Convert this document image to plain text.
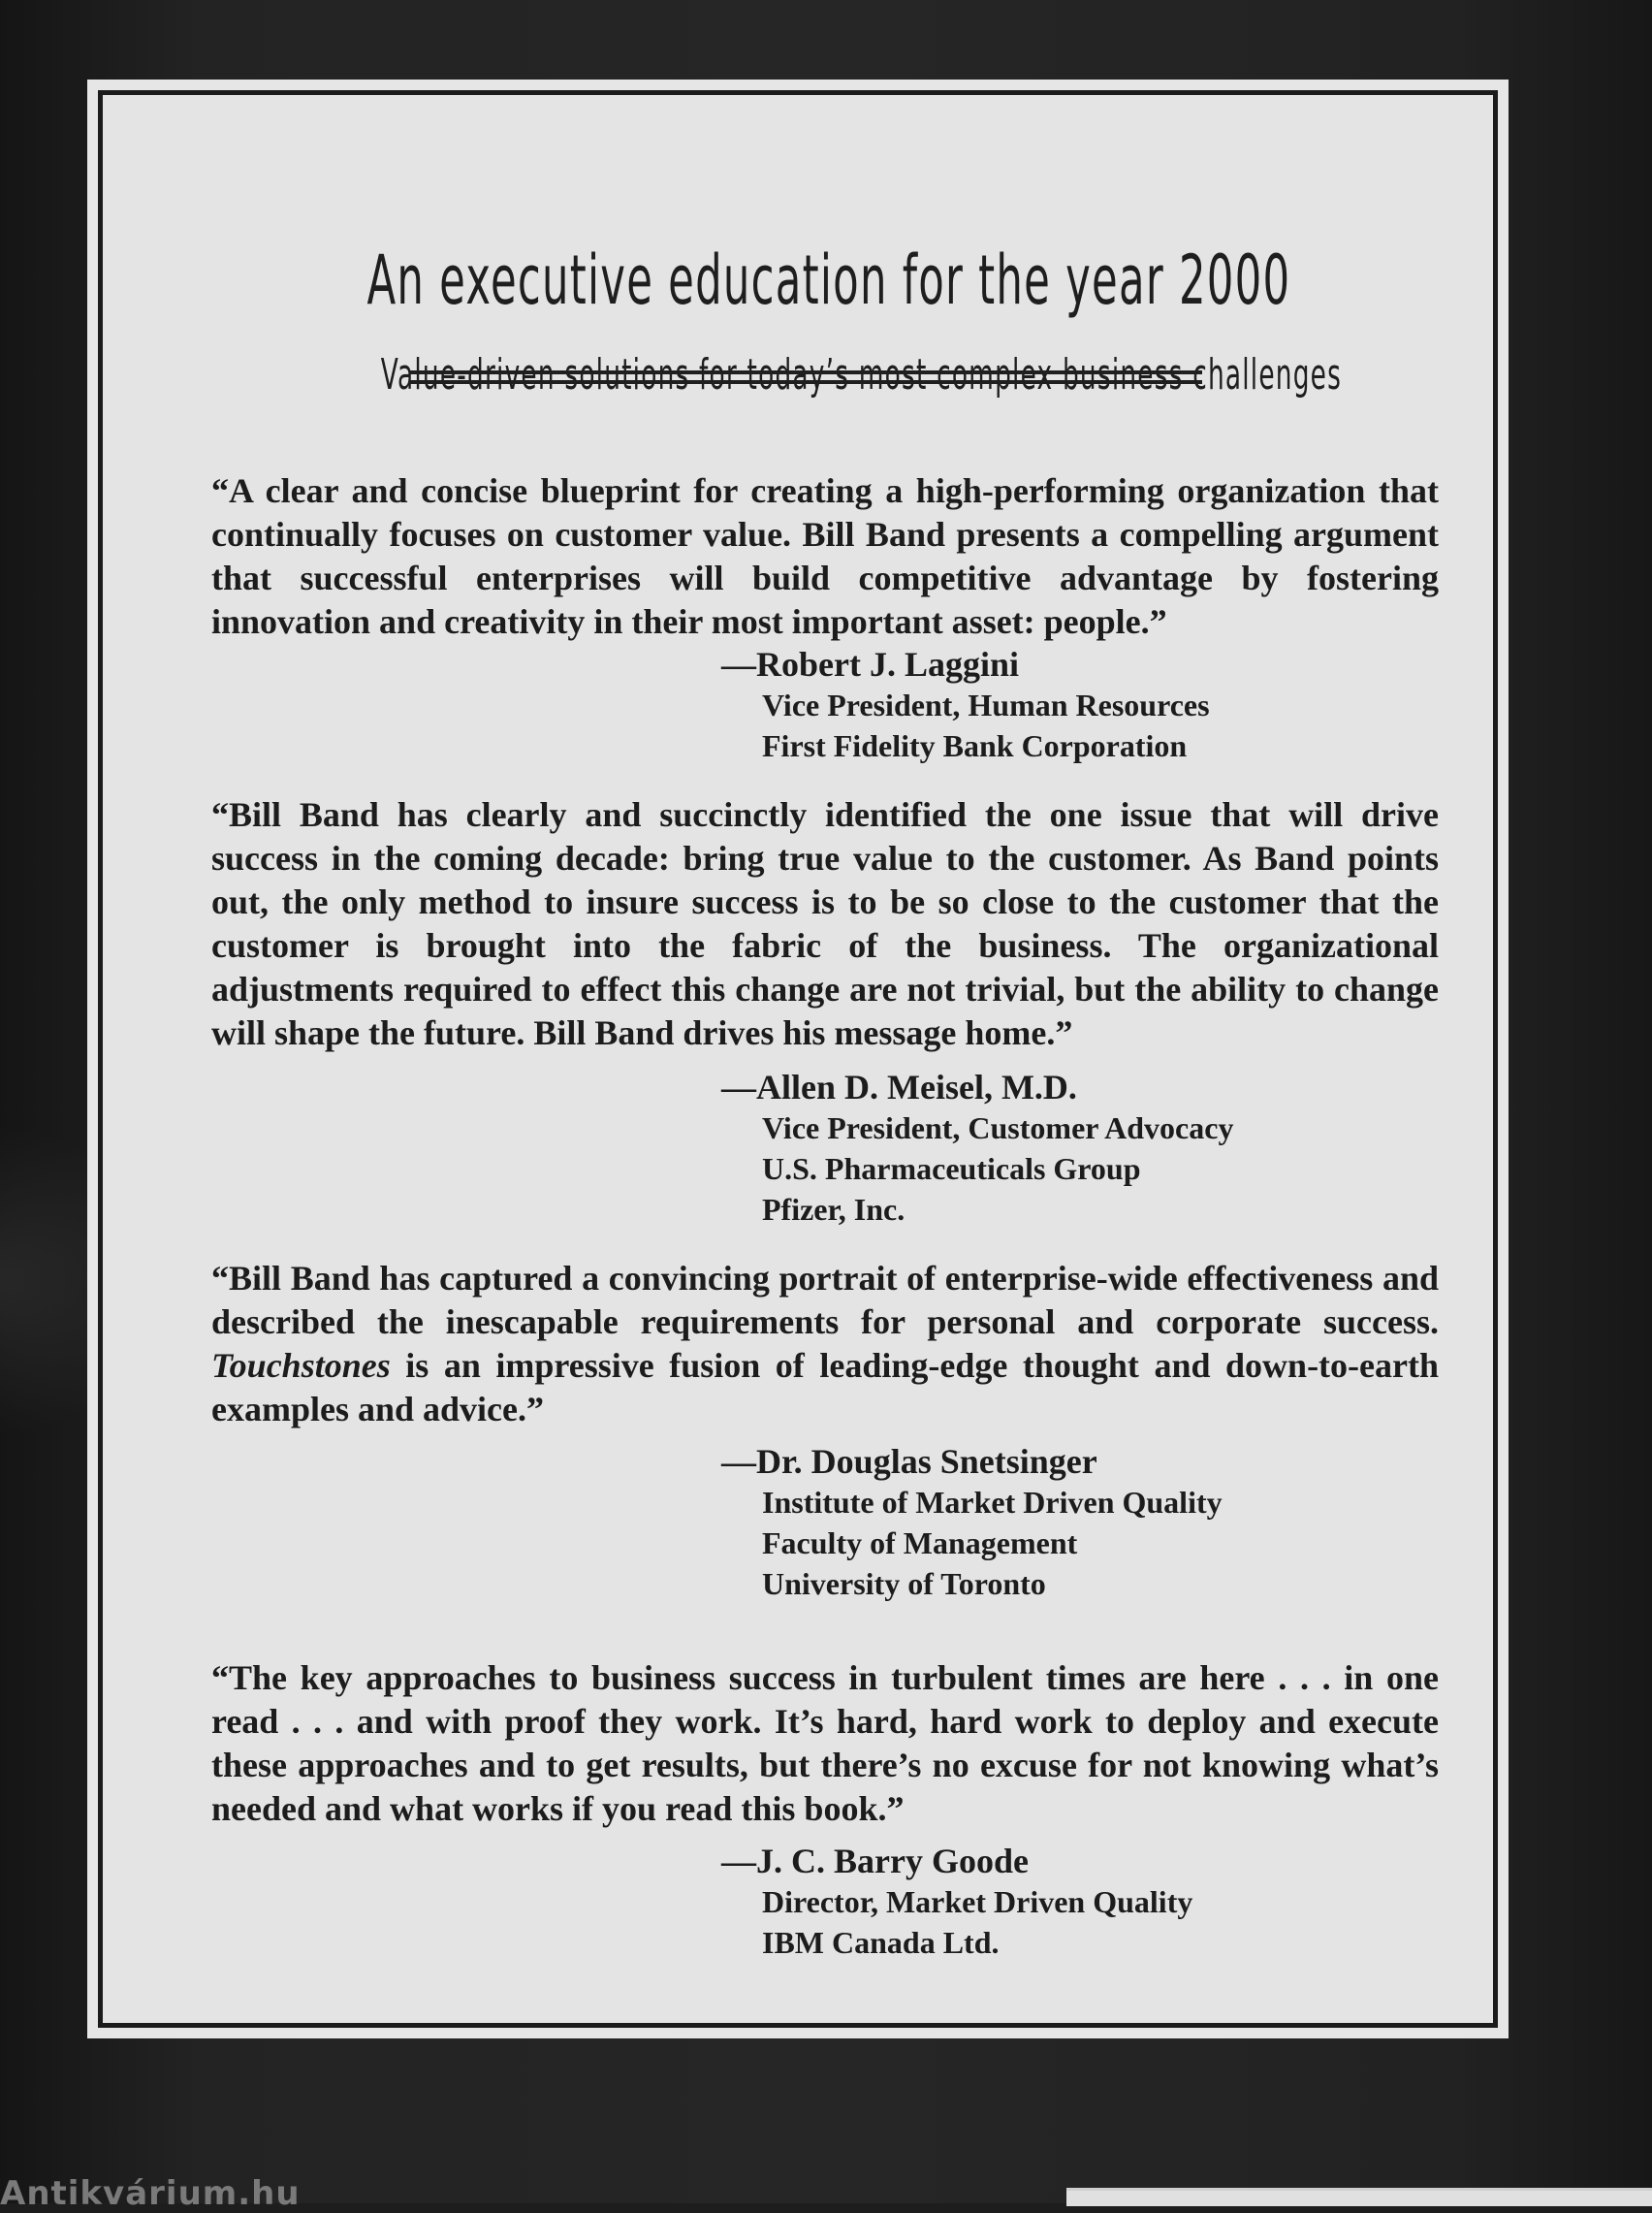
An executive education for the year 2000
Value-driven solutions for today’s most complex business challenges
“A clear and concise blueprint for creating a high-performing organization that continually focuses on customer value. Bill Band presents a compelling argument that successful enterprises will build competitive advantage by fostering innovation and creativity in their most important asset: people.”
—Robert J. Laggini
Vice President, Human Resources
First Fidelity Bank Corporation
“Bill Band has clearly and succinctly identified the one issue that will drive success in the coming decade: bring true value to the customer. As Band points out, the only method to insure success is to be so close to the customer that the customer is brought into the fabric of the business. The organizational adjustments required to effect this change are not trivial, but the ability to change will shape the future. Bill Band drives his message home.”
—Allen D. Meisel, M.D.
Vice President, Customer Advocacy
U.S. Pharmaceuticals Group
Pfizer, Inc.
“Bill Band has captured a convincing portrait of enterprise-wide effectiveness and described the inescapable requirements for personal and corporate success. Touchstones is an impressive fusion of leading-edge thought and down-to-earth examples and advice.”
—Dr. Douglas Snetsinger
Institute of Market Driven Quality
Faculty of Management
University of Toronto
“The key approaches to business success in turbulent times are here . . . in one read . . . and with proof they work. It’s hard, hard work to deploy and execute these approaches and to get results, but there’s no excuse for not knowing what’s needed and what works if you read this book.”
—J. C. Barry Goode
Director, Market Driven Quality
IBM Canada Ltd.
Antikvárium.hu
